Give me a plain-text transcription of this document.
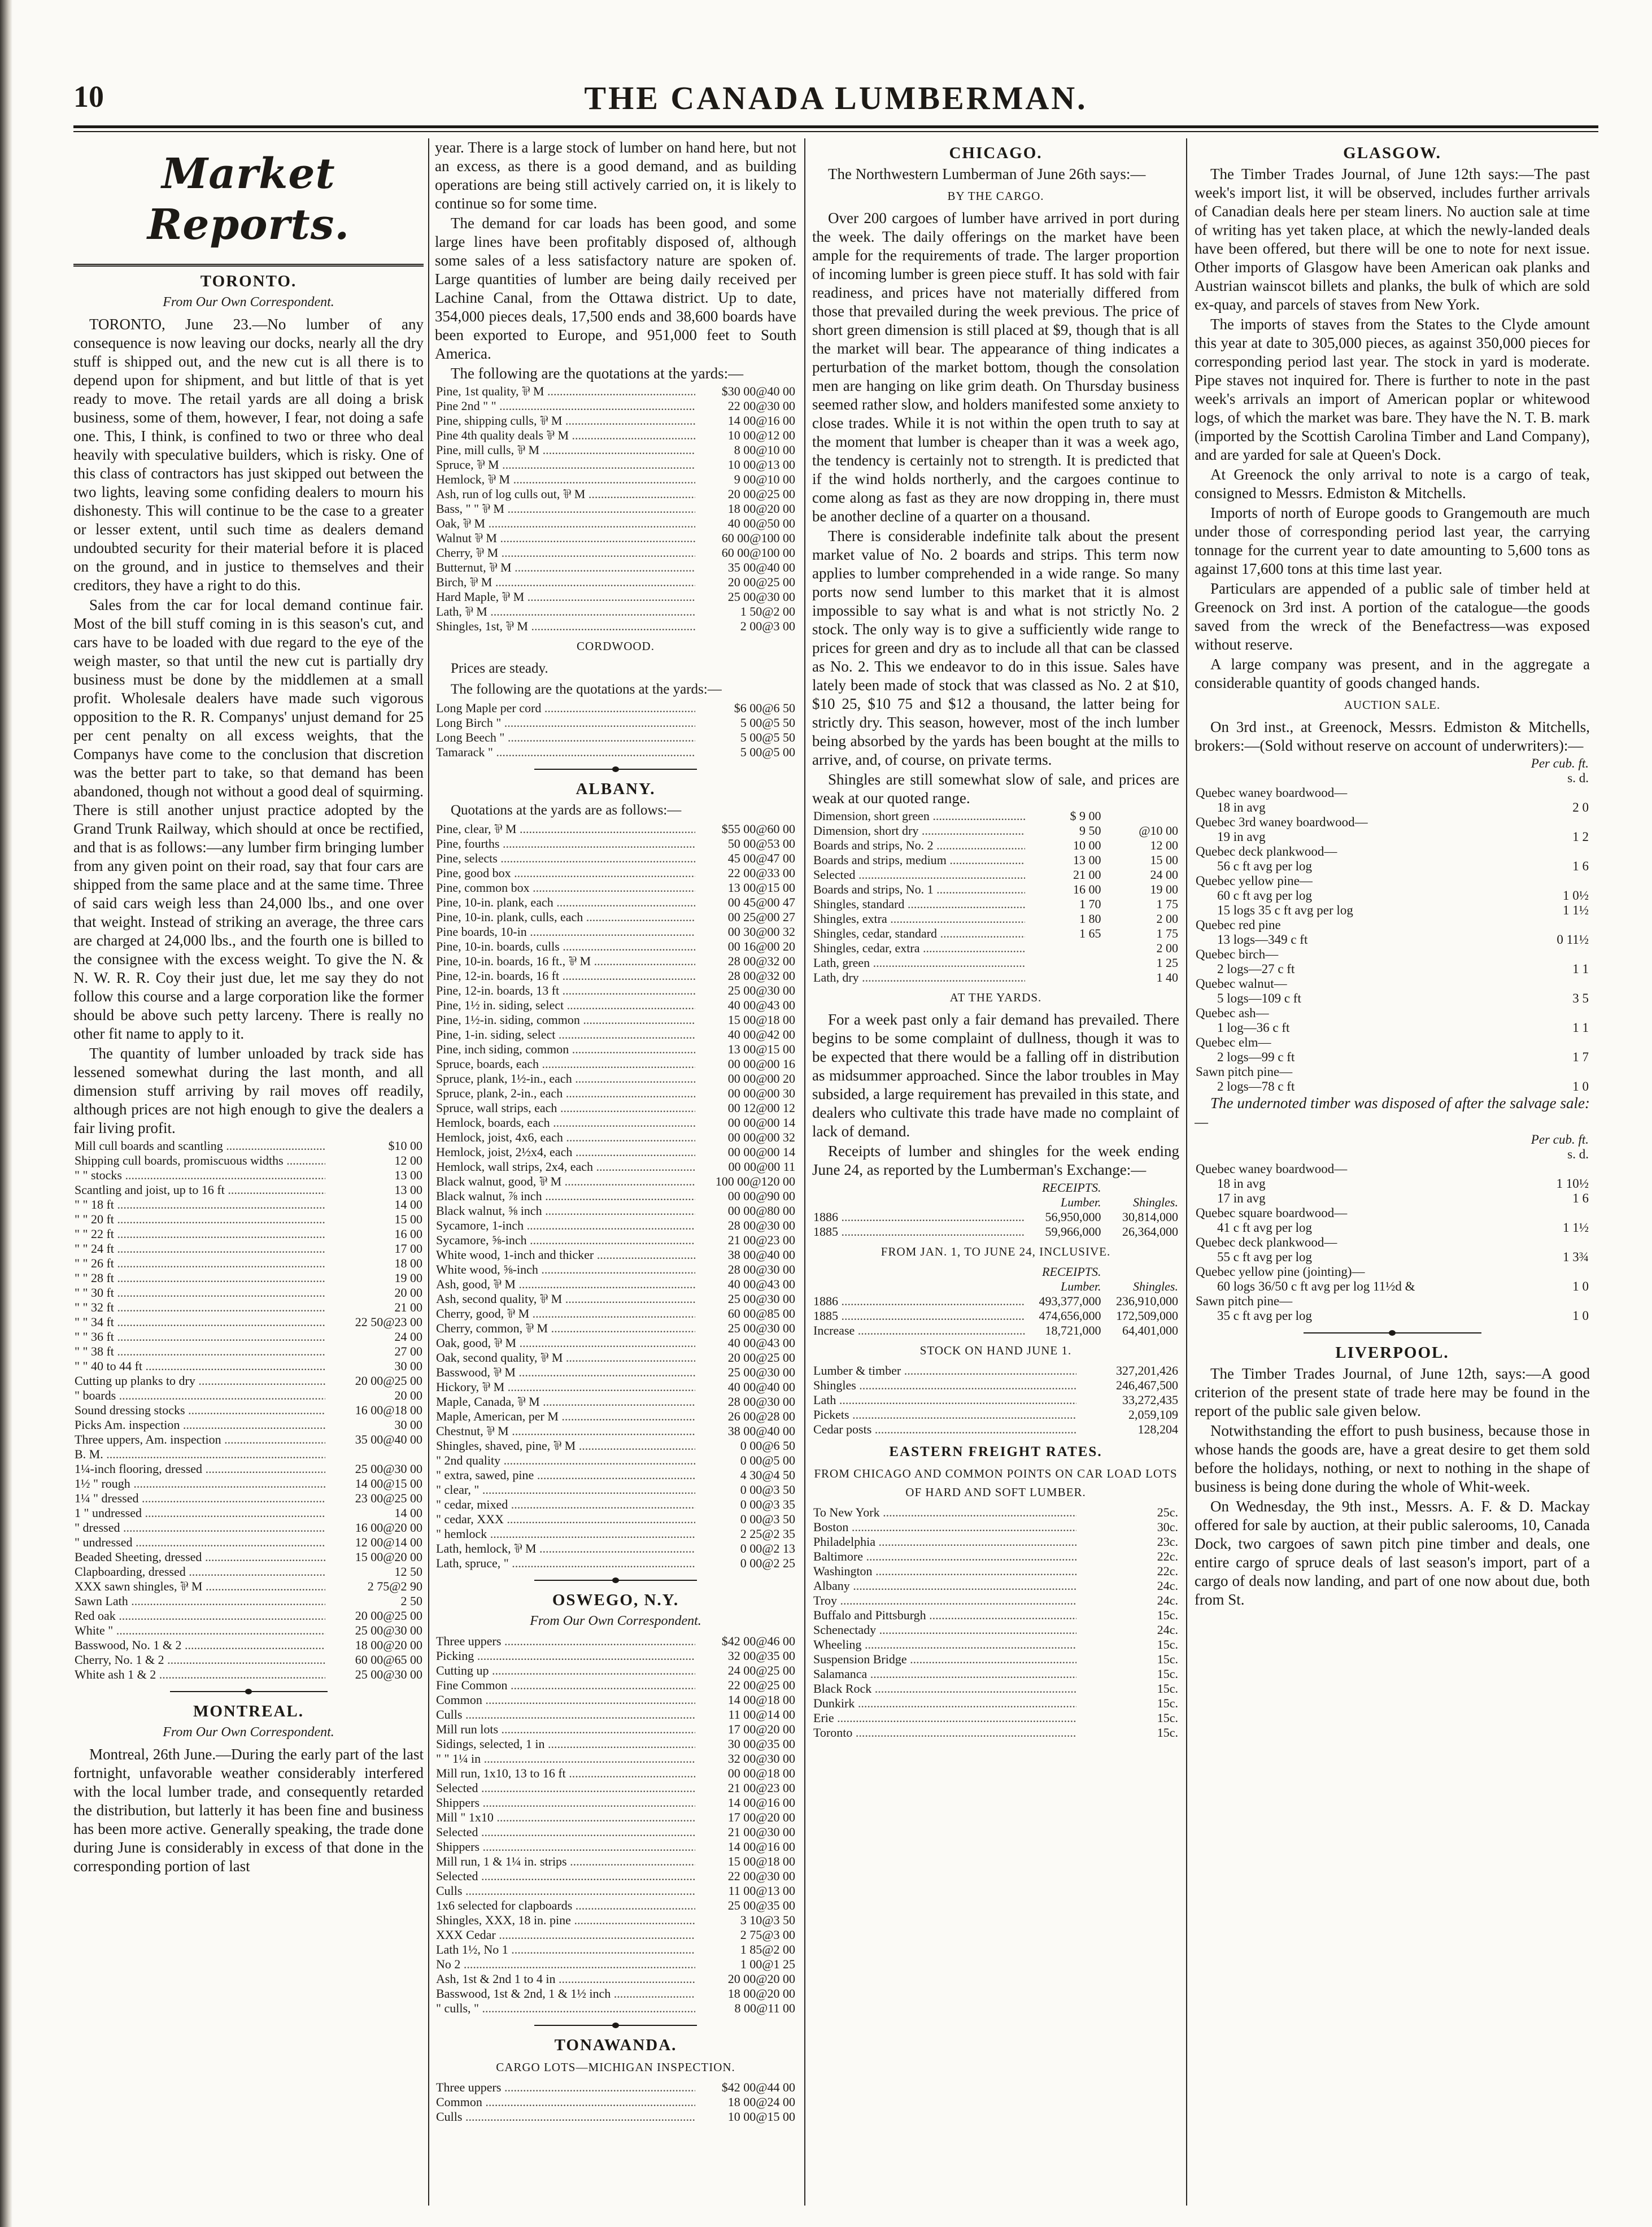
10	THE CANADA LUMBERMAN.
Market Reports.
TORONTO.
From Our Own Correspondent.

TORONTO, June 23.—No lumber of any consequence is now leaving our docks, nearly all the dry stuff is shipped out, and the new cut is all there is to depend upon for shipment, and but little of that is yet ready to move. The retail yards are all doing a brisk business, some of them, however, I fear, not doing a safe one. This, I think, is confined to two or three who deal heavily with speculative builders, which is risky. One of this class of contractors has just skipped out between the two lights, leaving some confiding dealers to mourn his dishonesty. This will continue to be the case to a greater or lesser extent, until such time as dealers demand undoubted security for their material before it is placed on the ground, and in justice to themselves and their creditors, they have a right to do this.

Sales from the car for local demand continue fair. Most of the bill stuff coming in is this season's cut, and cars have to be loaded with due regard to the eye of the weigh master, so that until the new cut is partially dry business must be done by the middlemen at a small profit. Wholesale dealers have made such vigorous opposition to the R. R. Companys' unjust demand for 25 per cent penalty on all excess weights, that the Companys have come to the conclusion that discretion was the better part to take, so that demand has been abandoned, though not without a good deal of squirming. There is still another unjust practice adopted by the Grand Trunk Railway, which should at once be rectified, and that is as follows:—any lumber firm bringing lumber from any given point on their road, say that four cars are shipped from the same place and at the same time. Three of said cars weigh less than 24,000 lbs., and one over that weight. Instead of striking an average, the three cars are charged at 24,000 lbs., and the fourth one is billed to the consignee with the excess weight. To give the N. & N. W. R. R. Coy their just due, let me say they do not follow this course and a large corporation like the former should be above such petty larceny. There is really no other fit name to apply to it.

The quantity of lumber unloaded by track side has lessened somewhat during the last month, and all dimension stuff arriving by rail moves off readily, although prices are not high enough to give the dealers a fair living profit.

Mill cull boards and scantling .....	$10 00
Shipping cull boards, promiscuous widths .....	12 00
" " stocks .....	13 00
Scantling and joist, up to 16 ft .....	13 00
" " 18 ft .....	14 00
" " 20 ft .....	15 00
" " 22 ft .....	16 00
" " 24 ft .....	17 00
" " 26 ft .....	18 00
" " 28 ft .....	19 00
" " 30 ft .....	20 00
" " 32 ft .....	21 00
" " 34 ft .....	22 50@23 00
" " 36 ft .....	24 00
" " 38 ft .....	27 00
" " 40 to 44 ft .....	30 00
Cutting up planks to dry .....	20 00@25 00
" boards .....	20 00
Sound dressing stocks .....	16 00@18 00
Picks Am. inspection .....	30 00
Three uppers, Am. inspection .....	35 00@40 00
B. M. .....	
1¼-inch flooring, dressed .....	25 00@30 00
1½ " rough .....	14 00@15 00
1¼ " dressed .....	23 00@25 00
1 " undressed .....	14 00
" dressed .....	16 00@20 00
" undressed .....	12 00@14 00
Beaded Sheeting, dressed .....	15 00@20 00
Clapboarding, dressed .....	12 50
XXX sawn shingles, ⅌ M .....	2 75@2 90
Sawn Lath .....	2 50
Red oak .....	20 00@25 00
White " .....	25 00@30 00
Basswood, No. 1 & 2 .....	18 00@20 00
Cherry, No. 1 & 2 .....	60 00@65 00
White ash 1 & 2 .....	25 00@30 00
MONTREAL.
From Our Own Correspondent.

Montreal, 26th June.—During the early part of the last fortnight, unfavorable weather considerably interfered with the local lumber trade, and consequently retarded the distribution, but latterly it has been fine and business has been more active. Generally speaking, the trade done during June is considerably in excess of that done in the corresponding portion of last

year. There is a large stock of lumber on hand here, but not an excess, as there is a good demand, and as building operations are being still actively carried on, it is likely to continue so for some time.

The demand for car loads has been good, and some large lines have been profitably disposed of, although some sales of a less satisfactory nature are spoken of. Large quantities of lumber are being daily received per Lachine Canal, from the Ottawa district. Up to date, 354,000 pieces deals, 17,500 ends and 38,600 boards have been exported to Europe, and 951,000 feet to South America.

The following are the quotations at the yards:—

Pine, 1st quality, ⅌ M .....	$30 00@40 00
Pine 2nd " " .....	22 00@30 00
Pine, shipping culls, ⅌ M .....	14 00@16 00
Pine 4th quality deals ⅌ M .....	10 00@12 00
Pine, mill culls, ⅌ M .....	8 00@10 00
Spruce, ⅌ M .....	10 00@13 00
Hemlock, ⅌ M .....	9 00@10 00
Ash, run of log culls out, ⅌ M .....	20 00@25 00
Bass, " " ⅌ M .....	18 00@20 00
Oak, ⅌ M .....	40 00@50 00
Walnut ⅌ M .....	60 00@100 00
Cherry, ⅌ M .....	60 00@100 00
Butternut, ⅌ M .....	35 00@40 00
Birch, ⅌ M .....	20 00@25 00
Hard Maple, ⅌ M .....	25 00@30 00
Lath, ⅌ M .....	1 50@2 00
Shingles, 1st, ⅌ M .....	2 00@3 00
CORDWOOD.

Prices are steady.

The following are the quotations at the yards:—

Long Maple per cord .....	$6 00@6 50
Long Birch " .....	5 00@5 50
Long Beech " .....	5 00@5 50
Tamarack " .....	5 00@5 00
ALBANY.

Quotations at the yards are as follows:—

Pine, clear, ⅌ M .....	$55 00@60 00
Pine, fourths .....	50 00@53 00
Pine, selects .....	45 00@47 00
Pine, good box .....	22 00@33 00
Pine, common box .....	13 00@15 00
Pine, 10-in. plank, each .....	00 45@00 47
Pine, 10-in. plank, culls, each .....	00 25@00 27
Pine boards, 10-in .....	00 30@00 32
Pine, 10-in. boards, culls .....	00 16@00 20
Pine, 10-in. boards, 16 ft., ⅌ M .....	28 00@32 00
Pine, 12-in. boards, 16 ft .....	28 00@32 00
Pine, 12-in. boards, 13 ft .....	25 00@30 00
Pine, 1½ in. siding, select .....	40 00@43 00
Pine, 1½-in. siding, common .....	15 00@18 00
Pine, 1-in. siding, select .....	40 00@42 00
Pine, inch siding, common .....	13 00@15 00
Spruce, boards, each .....	00 00@00 16
Spruce, plank, 1½-in., each .....	00 00@00 20
Spruce, plank, 2-in., each .....	00 00@00 30
Spruce, wall strips, each .....	00 12@00 12
Hemlock, boards, each .....	00 00@00 14
Hemlock, joist, 4x6, each .....	00 00@00 32
Hemlock, joist, 2½x4, each .....	00 00@00 14
Hemlock, wall strips, 2x4, each .....	00 00@00 11
Black walnut, good, ⅌ M .....	100 00@120 00
Black walnut, ⅞ inch .....	00 00@90 00
Black walnut, ⅝ inch .....	00 00@80 00
Sycamore, 1-inch .....	28 00@30 00
Sycamore, ⅝-inch .....	21 00@23 00
White wood, 1-inch and thicker .....	38 00@40 00
White wood, ⅝-inch .....	28 00@30 00
Ash, good, ⅌ M .....	40 00@43 00
Ash, second quality, ⅌ M .....	25 00@30 00
Cherry, good, ⅌ M .....	60 00@85 00
Cherry, common, ⅌ M .....	25 00@30 00
Oak, good, ⅌ M .....	40 00@43 00
Oak, second quality, ⅌ M .....	20 00@25 00
Basswood, ⅌ M .....	25 00@30 00
Hickory, ⅌ M .....	40 00@40 00
Maple, Canada, ⅌ M .....	28 00@30 00
Maple, American, per M .....	26 00@28 00
Chestnut, ⅌ M .....	38 00@40 00
Shingles, shaved, pine, ⅌ M .....	0 00@6 50
" 2nd quality .....	0 00@5 00
" extra, sawed, pine .....	4 30@4 50
" clear, " .....	0 00@3 50
" cedar, mixed .....	0 00@3 35
" cedar, XXX .....	0 00@3 50
" hemlock .....	2 25@2 35
Lath, hemlock, ⅌ M .....	0 00@2 13
Lath, spruce, " .....	0 00@2 25
OSWEGO, N.Y.
From Our Own Correspondent.
Three uppers .....	$42 00@46 00
Picking .....	32 00@35 00
Cutting up .....	24 00@25 00
Fine Common .....	22 00@25 00
Common .....	14 00@18 00
Culls .....	11 00@14 00
Mill run lots .....	17 00@20 00
Sidings, selected, 1 in .....	30 00@35 00
" " 1¼ in .....	32 00@30 00
Mill run, 1x10, 13 to 16 ft .....	00 00@18 00
Selected .....	21 00@23 00
Shippers .....	14 00@16 00
Mill " 1x10 .....	17 00@20 00
Selected .....	21 00@30 00
Shippers .....	14 00@16 00
Mill run, 1 & 1¼ in. strips .....	15 00@18 00
Selected .....	22 00@30 00
Culls .....	11 00@13 00
1x6 selected for clapboards .....	25 00@35 00
Shingles, XXX, 18 in. pine .....	3 10@3 50
XXX Cedar .....	2 75@3 00
Lath 1½, No 1 .....	1 85@2 00
No 2 .....	1 00@1 25
Ash, 1st & 2nd 1 to 4 in .....	20 00@20 00
Basswood, 1st & 2nd, 1 & 1½ inch .....	18 00@20 00
" culls, " .....	8 00@11 00

TONAWANDA.
CARGO LOTS—MICHIGAN INSPECTION.
Three uppers .....	$42 00@44 00
Common .....	18 00@24 00
Culls .....	10 00@15 00
CHICAGO.

The Northwestern Lumberman of June 26th says:—

BY THE CARGO.

Over 200 cargoes of lumber have arrived in port during the week. The daily offerings on the market have been ample for the requirements of trade. The larger proportion of incoming lumber is green piece stuff. It has sold with fair readiness, and prices have not materially differed from those that prevailed during the week previous. The price of short green dimension is still placed at $9, though that is all the market will bear. The appearance of thing indicates a perturbation of the market bottom, though the consolation men are hanging on like grim death. On Thursday business seemed rather slow, and holders manifested some anxiety to close trades. While it is not within the open truth to say at the moment that lumber is cheaper than it was a week ago, the tendency is certainly not to strength. It is predicted that if the wind holds northerly, and the cargoes continue to come along as fast as they are now dropping in, there must be another decline of a quarter on a thousand.

There is considerable indefinite talk about the present market value of No. 2 boards and strips. This term now applies to lumber comprehended in a wide range. So many ports now send lumber to this market that it is almost impossible to say what is and what is not strictly No. 2 stock. The only way is to give a sufficiently wide range to prices for green and dry as to include all that can be classed as No. 2. This we endeavor to do in this issue. Sales have lately been made of stock that was classed as No. 2 at $10, $10 25, $10 75 and $12 a thousand, the latter being for strictly dry. This season, however, most of the inch lumber being absorbed by the yards has been bought at the mills to arrive, and, of course, on private terms.

Shingles are still somewhat slow of sale, and prices are weak at our quoted range.

Dimension, short green .....	$ 9 00	
Dimension, short dry .....	9 50	@10 00
Boards and strips, No. 2 .....	10 00	12 00
Boards and strips, medium .....	13 00	15 00
Selected .....	21 00	24 00
Boards and strips, No. 1 .....	16 00	19 00
Shingles, standard .....	1 70	1 75
Shingles, extra .....	1 80	2 00
Shingles, cedar, standard .....	1 65	1 75
Shingles, cedar, extra .....		2 00
Lath, green .....		1 25
Lath, dry .....		1 40

AT THE YARDS.

For a week past only a fair demand has prevailed. There begins to be some complaint of dullness, though it was to be expected that there would be a falling off in distribution as midsummer approached. Since the labor troubles in May subsided, a large requirement has prevailed in this state, and dealers who cultivate this trade have made no complaint of lack of demand.

Receipts of lumber and shingles for the week ending June 24, as reported by the Lumberman's Exchange:—

	RECEIPTS.	
	Lumber.	Shingles.
1886 .....	56,950,000	30,814,000
1885 .....	59,966,000	26,364,000
FROM JAN. 1, TO JUNE 24, INCLUSIVE.
	RECEIPTS.	
	Lumber.	Shingles.
1886 .....	493,377,000	236,910,000
1885 .....	474,656,000	172,509,000
Increase .....	18,721,000	64,401,000
STOCK ON HAND JUNE 1.
Lumber & timber .....	327,201,426
Shingles .....	246,467,500
Lath .....	33,272,435
Pickets .....	2,059,109
Cedar posts .....	128,204
EASTERN FREIGHT RATES.
FROM CHICAGO AND COMMON POINTS ON CAR LOAD LOTS OF HARD AND SOFT LUMBER.
To New York .....	25c.
Boston .....	30c.
Philadelphia .....	23c.
Baltimore .....	22c.
Washington .....	22c.
Albany .....	24c.
Troy .....	24c.
Buffalo and Pittsburgh .....	15c.
Schenectady .....	24c.
Wheeling .....	15c.
Suspension Bridge .....	15c.
Salamanca .....	15c.
Black Rock .....	15c.
Dunkirk .....	15c.
Erie .....	15c.
Toronto .....	15c.

GLASGOW.

The Timber Trades Journal, of June 12th says:—The past week's import list, it will be observed, includes further arrivals of Canadian deals here per steam liners. No auction sale at time of writing has yet taken place, at which the newly-landed deals have been offered, but there will be one to note for next issue. Other imports of Glasgow have been American oak planks and Austrian wainscot billets and planks, the bulk of which are sold ex-quay, and parcels of staves from New York.

The imports of staves from the States to the Clyde amount this year at date to 305,000 pieces, as against 350,000 pieces for corresponding period last year. The stock in yard is moderate. Pipe staves not inquired for. There is further to note in the past week's arrivals an import of American poplar or whitewood logs, of which the market was bare. They have the N. T. B. mark (imported by the Scottish Carolina Timber and Land Company), and are yarded for sale at Queen's Dock.

At Greenock the only arrival to note is a cargo of teak, consigned to Messrs. Edmiston & Mitchells.

Imports of north of Europe goods to Grangemouth are much under those of corresponding period last year, the carrying tonnage for the current year to date amounting to 5,600 tons as against 17,600 tons at this time last year.

Particulars are appended of a public sale of timber held at Greenock on 3rd inst. A portion of the catalogue—the goods saved from the wreck of the Benefactress—was exposed without reserve.

A large company was present, and in the aggregate a considerable quantity of goods changed hands.

AUCTION SALE.

On 3rd inst., at Greenock, Messrs. Edmiston & Mitchells, brokers:—(Sold without reserve on account of underwriters):—

	Per cub. ft.
	s. d.
Quebec waney boardwood—	
18 in avg	2 0
Quebec 3rd waney boardwood—	
19 in avg	1 2
Quebec deck plankwood—	
56 c ft avg per log	1 6
Quebec yellow pine—	
60 c ft avg per log	1 0½
15 logs 35 c ft avg per log	1 1½
Quebec red pine	
13 logs—349 c ft	0 11½
Quebec birch—	
2 logs—27 c ft	1 1
Quebec walnut—	
5 logs—109 c ft	3 5
Quebec ash—	
1 log—36 c ft	1 1
Quebec elm—	
2 logs—99 c ft	1 7
Sawn pitch pine—	
2 logs—78 c ft	1 0

The undernoted timber was disposed of after the salvage sale:—

	Per cub. ft.
	s. d.
Quebec waney boardwood—	
18 in avg	1 10½
17 in avg	1 6
Quebec square boardwood—	
41 c ft avg per log	1 1½
Quebec deck plankwood—	
55 c ft avg per log	1 3¾
Quebec yellow pine (jointing)—	
60 logs 36/50 c ft avg per log 11½d &	1 0
Sawn pitch pine—	
35 c ft avg per log	1 0
LIVERPOOL.

The Timber Trades Journal, of June 12th, says:—A good criterion of the present state of trade here may be found in the report of the public sale given below.

Notwithstanding the effort to push business, because those in whose hands the goods are, have a great desire to get them sold before the holidays, nothing, or next to nothing in the shape of business is being done during the whole of Whit-week.

On Wednesday, the 9th inst., Messrs. A. F. & D. Mackay offered for sale by auction, at their public salerooms, 10, Canada Dock, two cargoes of sawn pitch pine timber and deals, one entire cargo of spruce deals of last season's import, part of a cargo of deals now landing, and part of one now about due, both from St.
